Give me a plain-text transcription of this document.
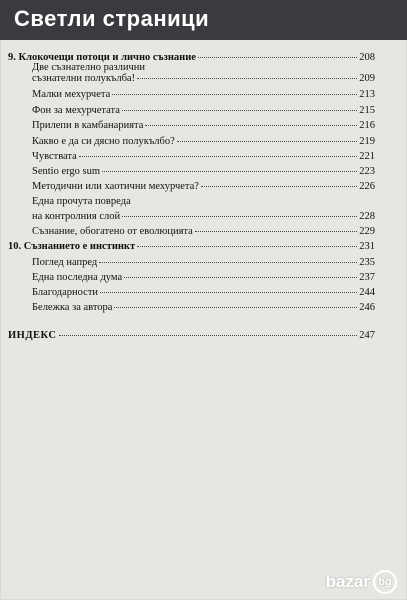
Светли страници
9. Клокочещи потоци и лично съзнание	208
Две съзнателно различни
съзнателни полукълба!	209
Малки мехурчета	213
Фон за мехурчетата	215
Прилепи в камбанарията	216
Какво е да си дясно полукълбо?	219
Чувствата	221
Sentio ergo sum	223
Методични или хаотични мехурчета?	226
Една прочута поврeда
на контролния слой	228
Съзнание, обогатено от еволюцията	229
10. Съзнанието е инстинкт	231
Поглед напред	235
Една последна дума	237
Благодарности	244
Бележка за автора	246
ИНДЕКС	247
bazar bg
